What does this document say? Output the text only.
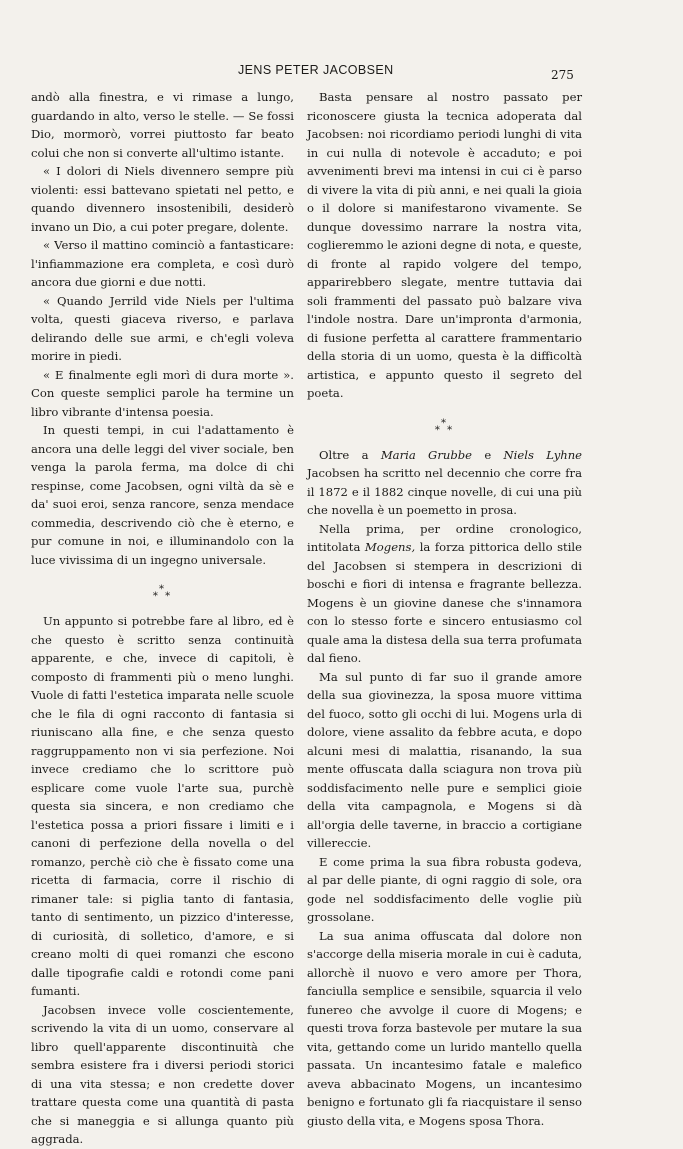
JENS PETER JACOBSEN	275

andò alla finestra, e vi rimase a lungo, guardando in alto, verso le stelle. — Se fossi Dio, mormorò, vorrei piuttosto far beato colui che non si converte all'ultimo istante.

« I dolori di Niels divennero sempre più violenti: essi battevano spietati nel petto, e quando divennero insostenibili, desiderò invano un Dio, a cui poter pregare, dolente.

« Verso il mattino cominciò a fantasticare: l'infiammazione era completa, e così durò ancora due giorni e due notti.

« Quando Jerrild vide Niels per l'ultima volta, questi giaceva riverso, e parlava delirando delle sue armi, e ch'egli voleva morire in piedi.

« E finalmente egli morì di dura morte ». Con queste semplici parole ha termine un libro vibrante d'intensa poesia.

In questi tempi, in cui l'adattamento è ancora una delle leggi del viver sociale, ben venga la parola ferma, ma dolce di chi respinse, come Jacobsen, ogni viltà da sè e da' suoi eroi, senza rancore, senza mendace commedia, descrivendo ciò che è eterno, e pur comune in noi, e illuminandolo con la luce vivissima di un ingegno universale.

*
* *

Un appunto si potrebbe fare al libro, ed è che questo è scritto senza continuità apparente, e che, invece di capitoli, è composto di frammenti più o meno lunghi. Vuole di fatti l'estetica imparata nelle scuole che le fila di ogni racconto di fantasia si riuniscano alla fine, e che senza questo raggruppamento non vi sia perfezione. Noi invece crediamo che lo scrittore può esplicare come vuole l'arte sua, purchè questa sia sincera, e non crediamo che l'estetica possa a priori fissare i limiti e i canoni di perfezione della novella o del romanzo, perchè ciò che è fissato come una ricetta di farmacia, corre il rischio di rimaner tale: si piglia tanto di fantasia, tanto di sentimento, un pizzico d'interesse, di curiosità, di solletico, d'amore, e si creano molti di quei romanzi che escono dalle tipografie caldi e rotondi come pani fumanti.

Jacobsen invece volle coscientemente, scrivendo la vita di un uomo, conservare al libro quell'apparente discontinuità che sembra esistere fra i diversi periodi storici di una vita stessa; e non credette dover trattare questa come una quantità di pasta che si maneggia e si allunga quanto più aggrada.

Basta pensare al nostro passato per riconoscere giusta la tecnica adoperata dal Jacobsen: noi ricordiamo periodi lunghi di vita in cui nulla di notevole è accaduto; e poi avvenimenti brevi ma intensi in cui ci è parso di vivere la vita di più anni, e nei quali la gioia o il dolore si manifestarono vivamente. Se dunque dovessimo narrare la nostra vita, coglieremmo le azioni degne di nota, e queste, di fronte al rapido volgere del tempo, apparirebbero slegate, mentre tuttavia dai soli frammenti del passato può balzare viva l'indole nostra. Dare un'impronta d'armonia, di fusione perfetta al carattere frammentario della storia di un uomo, questa è la difficoltà artistica, e appunto questo il segreto del poeta.

*
* *

Oltre a Maria Grubbe e Niels Lyhne Jacobsen ha scritto nel decennio che corre fra il 1872 e il 1882 cinque novelle, di cui una più che novella è un poemetto in prosa.

Nella prima, per ordine cronologico, intitolata Mogens, la forza pittorica dello stile del Jacobsen si stempera in descrizioni di boschi e fiori di intensa e fragrante bellezza. Mogens è un giovine danese che s'innamora con lo stesso forte e sincero entusiasmo col quale ama la distesa della sua terra profumata dal fieno.

Ma sul punto di far suo il grande amore della sua giovinezza, la sposa muore vittima del fuoco, sotto gli occhi di lui. Mogens urla di dolore, viene assalito da febbre acuta, e dopo alcuni mesi di malattia, risanando, la sua mente offuscata dalla sciagura non trova più soddisfacimento nelle pure e semplici gioie della vita campagnola, e Mogens si dà all'orgia delle taverne, in braccio a cortigiane villereccie.

E come prima la sua fibra robusta godeva, al par delle piante, di ogni raggio di sole, ora gode nel soddisfacimento delle voglie più grossolane.

La sua anima offuscata dal dolore non s'accorge della miseria morale in cui è caduta, allorchè il nuovo e vero amore per Thora, fanciulla semplice e sensibile, squarcia il velo funereo che avvolge il cuore di Mogens; e questi trova forza bastevole per mutare la sua vita, gettando come un lurido mantello quella passata. Un incantesimo fatale e malefico aveva abbacinato Mogens, un incantesimo benigno e fortunato gli fa riacquistare il senso giusto della vita, e Mogens sposa Thora.
